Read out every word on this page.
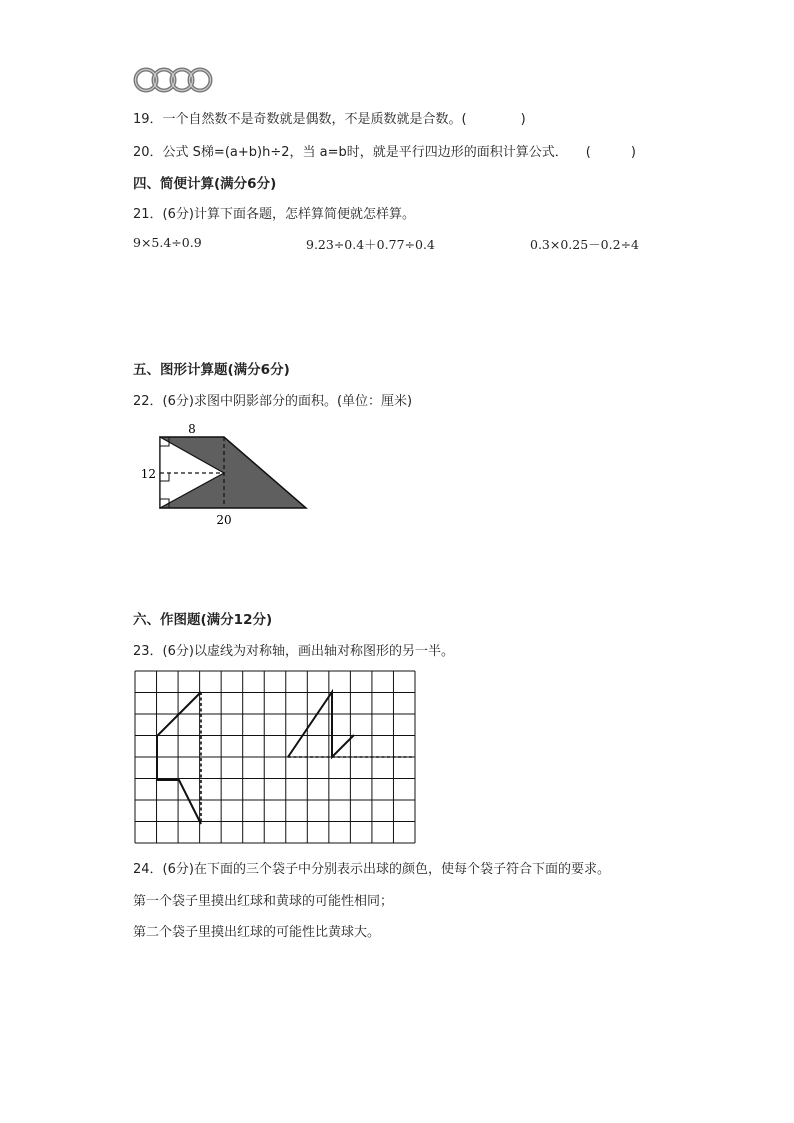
19．一个自然数不是奇数就是偶数，不是质数就是合数。(	)
20．公式 S梯=(a+b)h÷2，当 a=b时，就是平行四边形的面积计算公式． (	)
四、简便计算(满分6分)
21．(6分)计算下面各题，怎样算简便就怎样算。
9×5.4÷0.9	9.23÷0.4＋0.77÷0.4	0.3×0.25－0.2÷4
五、图形计算题(满分6分)
22．(6分)求图中阴影部分的面积。(单位：厘米)
8
12
20
六、作图题(满分12分)
23．(6分)以虚线为对称轴，画出轴对称图形的另一半。
24．(6分)在下面的三个袋子中分别表示出球的颜色，使每个袋子符合下面的要求。
第一个袋子里摸出红球和黄球的可能性相同；
第二个袋子里摸出红球的可能性比黄球大。
